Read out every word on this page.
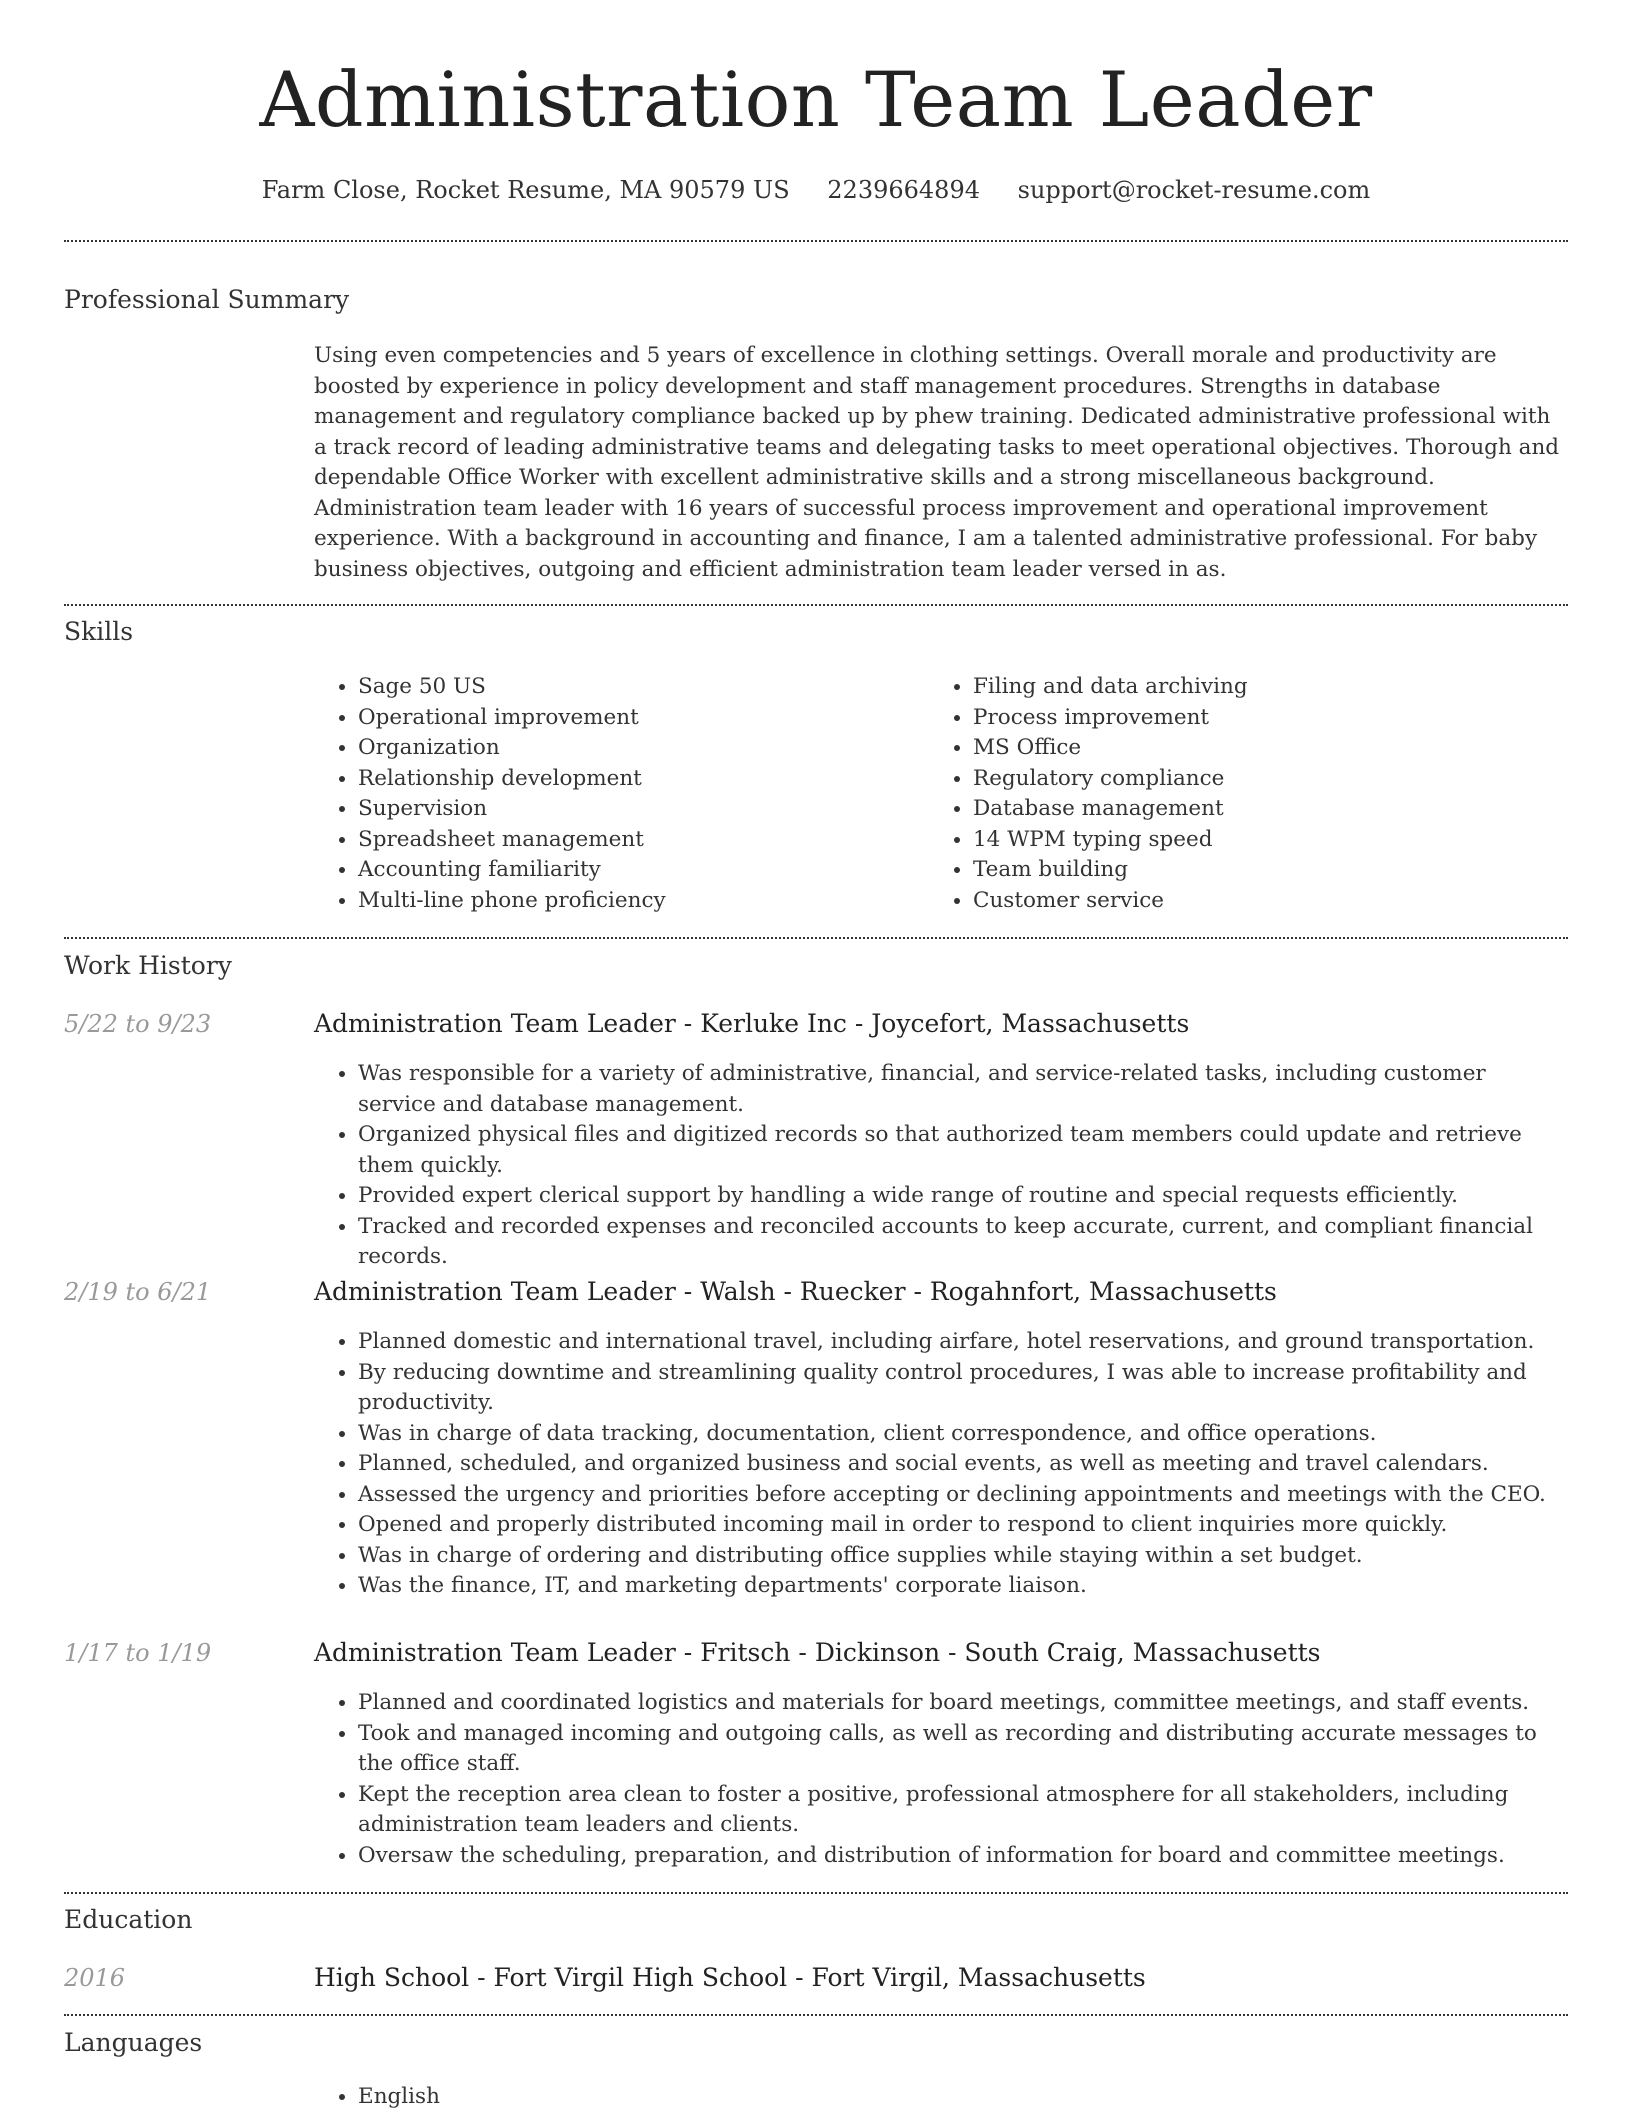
Administration Team Leader
Farm Close, Rocket Resume, MA 90579 US 2239664894 support@rocket-resume.com
Professional Summary
Using even competencies and 5 years of excellence in clothing settings. Overall morale and productivity are boosted by experience in policy development and staff management procedures. Strengths in database management and regulatory compliance backed up by phew training. Dedicated administrative professional with a track record of leading administrative teams and delegating tasks to meet operational objectives. Thorough and dependable Office Worker with excellent administrative skills and a strong miscellaneous background. Administration team leader with 16 years of successful process improvement and operational improvement experience. With a background in accounting and finance, I am a talented administrative professional. For baby business objectives, outgoing and efficient administration team leader versed in as.
Skills
• Sage 50 US
• Operational improvement
• Organization
• Relationship development
• Supervision
• Spreadsheet management
• Accounting familiarity
• Multi-line phone proficiency
• Filing and data archiving
• Process improvement
• MS Office
• Regulatory compliance
• Database management
• 14 WPM typing speed
• Team building
• Customer service
Work History
5/22 to 9/23	Administration Team Leader - Kerluke Inc - Joycefort, Massachusetts
• Was responsible for a variety of administrative, financial, and service-related tasks, including customer service and database management.
• Organized physical files and digitized records so that authorized team members could update and retrieve them quickly.
• Provided expert clerical support by handling a wide range of routine and special requests efficiently.
• Tracked and recorded expenses and reconciled accounts to keep accurate, current, and compliant financial records.
2/19 to 6/21	Administration Team Leader - Walsh - Ruecker - Rogahnfort, Massachusetts
• Planned domestic and international travel, including airfare, hotel reservations, and ground transportation.
• By reducing downtime and streamlining quality control procedures, I was able to increase profitability and productivity.
• Was in charge of data tracking, documentation, client correspondence, and office operations.
• Planned, scheduled, and organized business and social events, as well as meeting and travel calendars.
• Assessed the urgency and priorities before accepting or declining appointments and meetings with the CEO.
• Opened and properly distributed incoming mail in order to respond to client inquiries more quickly.
• Was in charge of ordering and distributing office supplies while staying within a set budget.
• Was the finance, IT, and marketing departments' corporate liaison.
1/17 to 1/19	Administration Team Leader - Fritsch - Dickinson - South Craig, Massachusetts
• Planned and coordinated logistics and materials for board meetings, committee meetings, and staff events.
• Took and managed incoming and outgoing calls, as well as recording and distributing accurate messages to the office staff.
• Kept the reception area clean to foster a positive, professional atmosphere for all stakeholders, including administration team leaders and clients.
• Oversaw the scheduling, preparation, and distribution of information for board and committee meetings.
Education
2016	High School - Fort Virgil High School - Fort Virgil, Massachusetts
Languages
• English
